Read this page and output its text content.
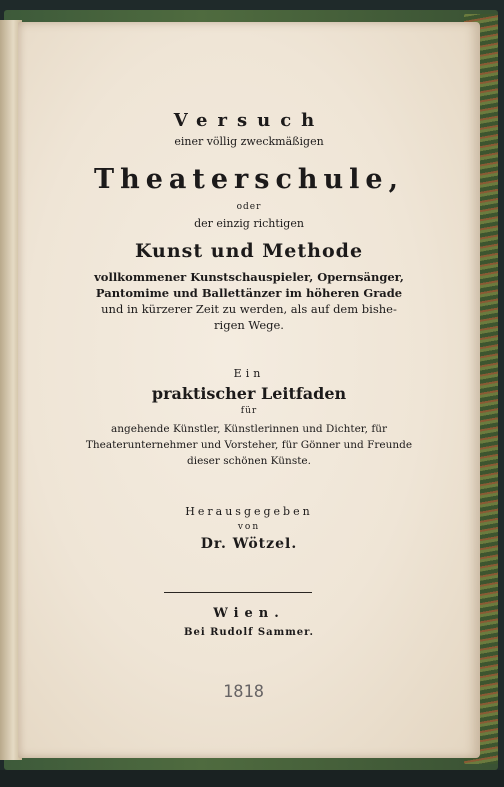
Versuch
einer völlig zweckmäßigen
Theaterschule,
oder
der einzig richtigen
Kunst und Methode
vollkommener Kunstschauspieler, Opernsänger,
Pantomime und Ballettänzer im höheren Grade
und in kürzerer Zeit zu werden, als auf dem bishe-
rigen Wege.
Ein
praktischer Leitfaden
für
angehende Künstler, Künstlerinnen und Dichter, für
Theaterunternehmer und Vorsteher, für Gönner und Freunde
dieser schönen Künste.
Herausgegeben
von
Dr. Wötzel.
Wien.
Bei Rudolf Sammer.
1818
